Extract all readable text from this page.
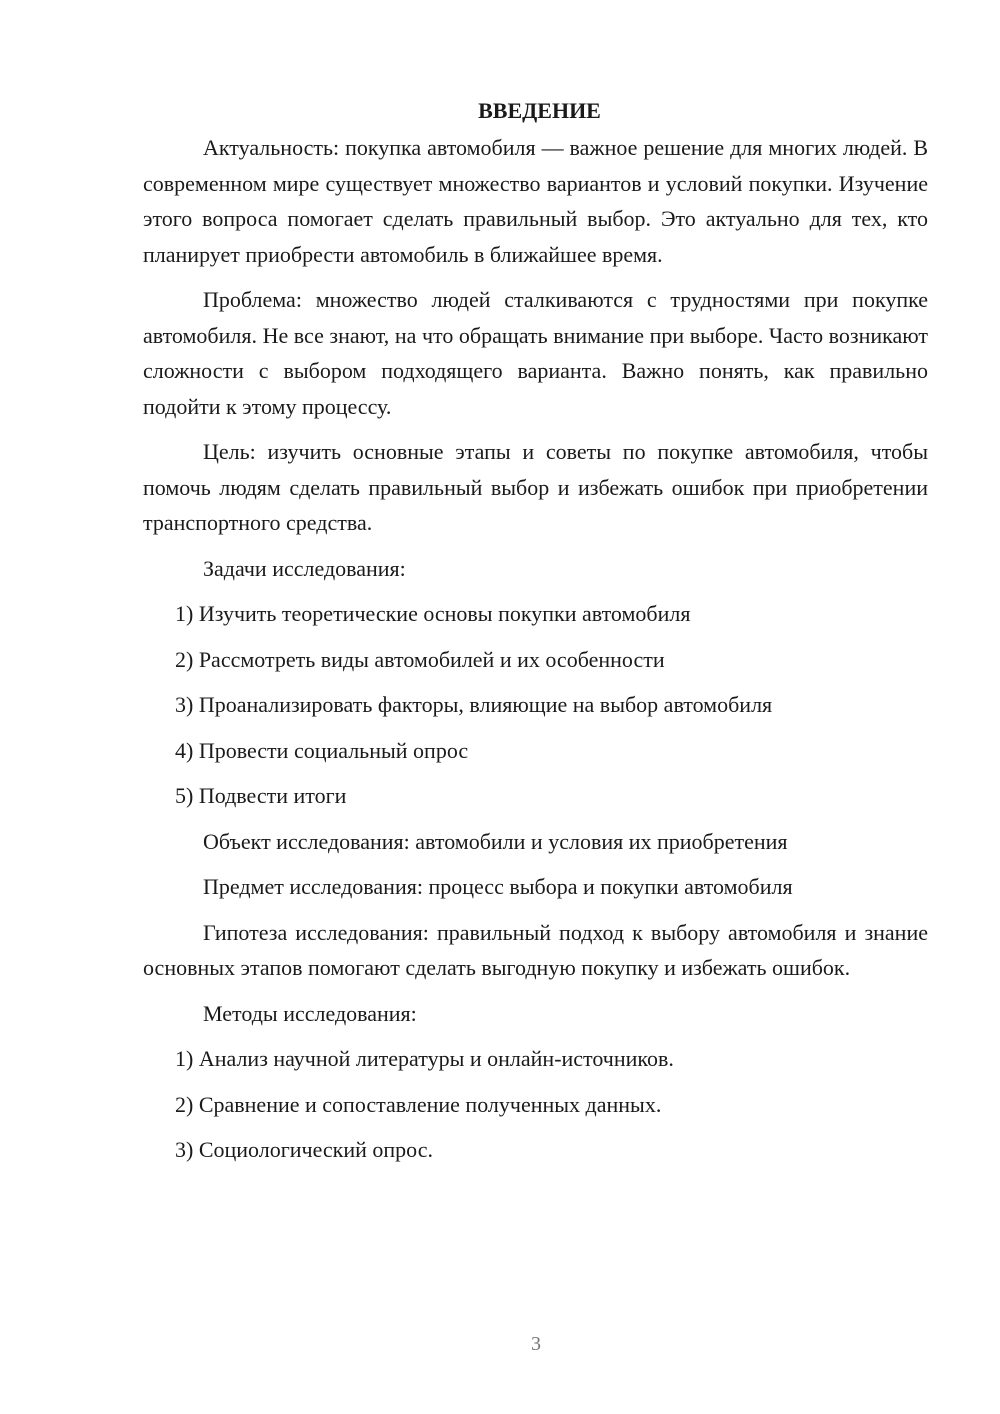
ВВЕДЕНИЕ

Актуальность: покупка автомобиля — важное решение для многих людей. В современном мире существует множество вариантов и условий покупки. Изучение этого вопроса помогает сделать правильный выбор. Это актуально для тех, кто планирует приобрести автомобиль в ближайшее время.

Проблема: множество людей сталкиваются с трудностями при покупке автомобиля. Не все знают, на что обращать внимание при выборе. Часто возникают сложности с выбором подходящего варианта. Важно понять, как правильно подойти к этому процессу.

Цель: изучить основные этапы и советы по покупке автомобиля, чтобы помочь людям сделать правильный выбор и избежать ошибок при приобретении транспортного средства.

Задачи исследования:

1) Изучить теоретические основы покупки автомобиля
2) Рассмотреть виды автомобилей и их особенности
3) Проанализировать факторы, влияющие на выбор автомобиля
4) Провести социальный опрос
5) Подвести итоги

Объект исследования: автомобили и условия их приобретения

Предмет исследования: процесс выбора и покупки автомобиля

Гипотеза исследования: правильный подход к выбору автомобиля и знание основных этапов помогают сделать выгодную покупку и избежать ошибок.

Методы исследования:

1) Анализ научной литературы и онлайн-источников.
2) Сравнение и сопоставление полученных данных.
3) Социологический опрос.
3
